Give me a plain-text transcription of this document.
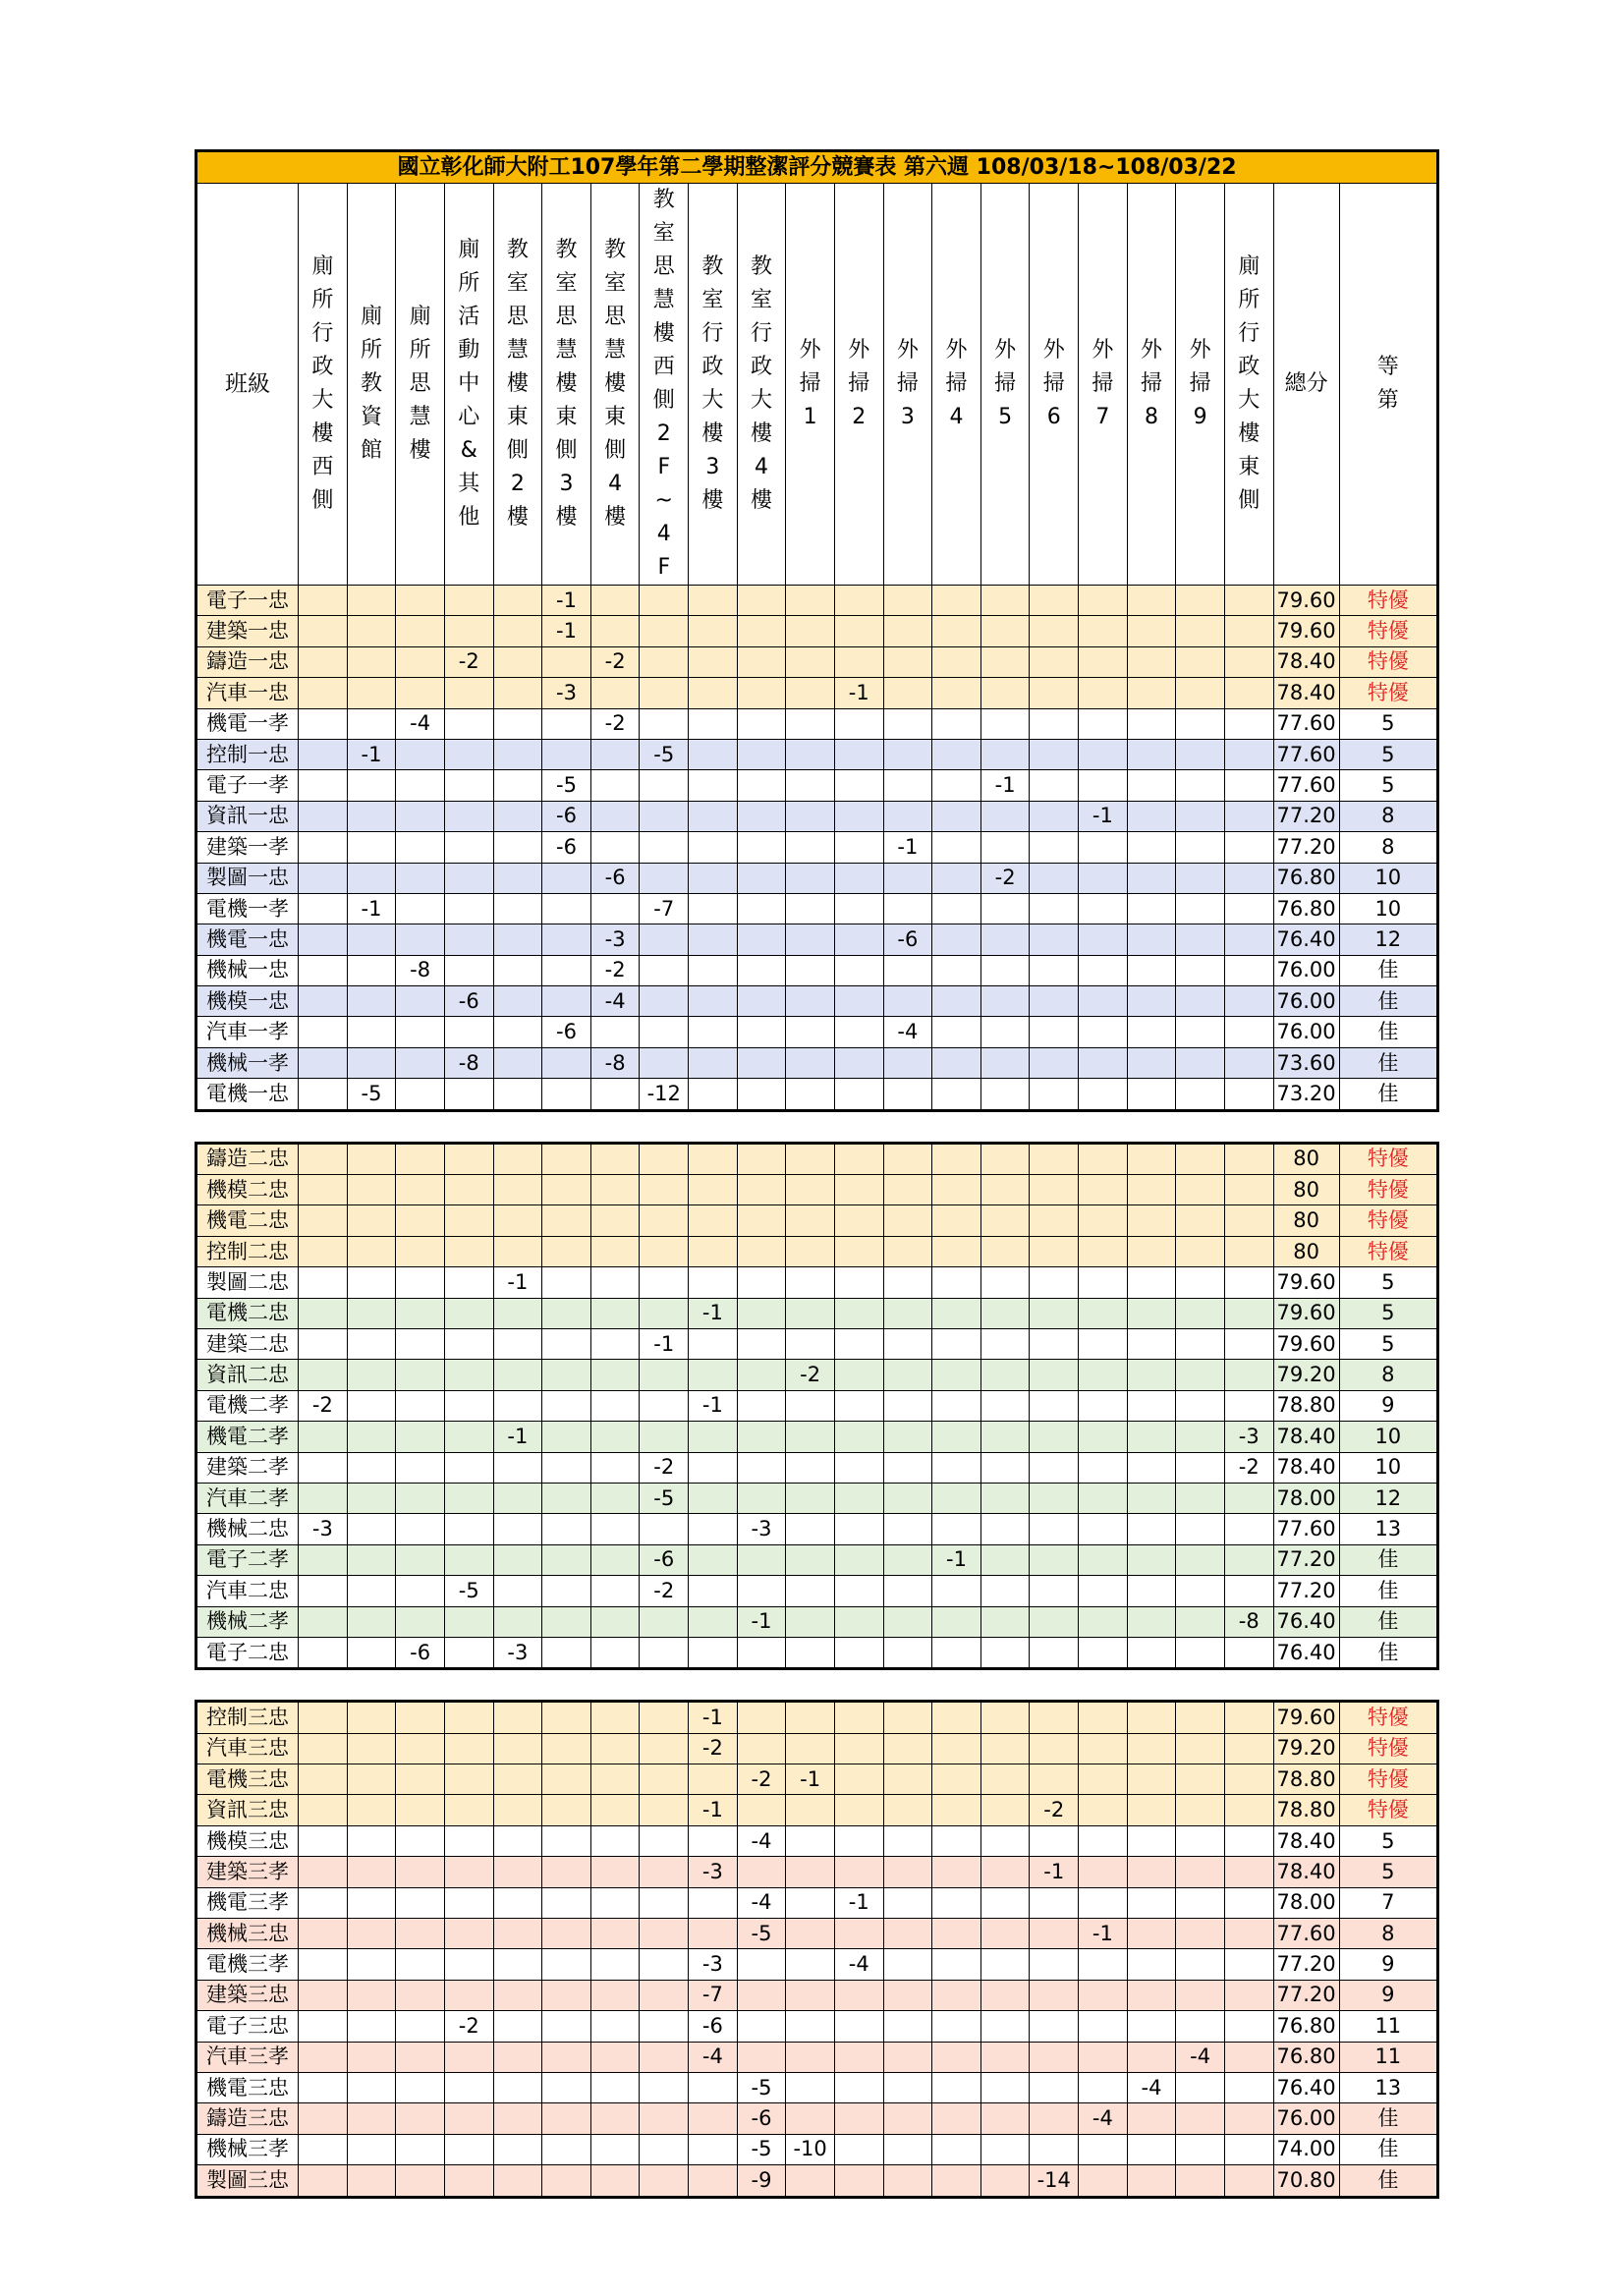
國立彰化師大附工107學年第二學期整潔評分競賽表 第六週 108/03/18~108/03/22																						
班級	廁所行政大樓西側	廁所教資館	廁所思慧樓	廁所活動中心&其他	教室思慧樓東側2樓	教室思慧樓東側3樓	教室思慧樓東側4樓	教室思慧樓西側2F~4F	教室行政大樓3樓	教室行政大樓4樓	外掃1	外掃2	外掃3	外掃4	外掃5	外掃6	外掃7	外掃8	外掃9	廁所行政大樓東側	總分	等第
電子一忠						-1															79.60	特優
建築一忠						-1															79.60	特優
鑄造一忠				-2			-2														78.40	特優
汽車一忠						-3						-1									78.40	特優
機電一孝			-4				-2														77.60	5
控制一忠		-1						-5													77.60	5
電子一孝						-5									-1						77.60	5
資訊一忠						-6											-1				77.20	8
建築一孝						-6							-1								77.20	8
製圖一忠							-6								-2						76.80	10
電機一孝		-1						-7													76.80	10
機電一忠							-3						-6								76.40	12
機械一忠			-8				-2														76.00	佳
機模一忠				-6			-4														76.00	佳
汽車一孝						-6							-4								76.00	佳
機械一孝				-8			-8														73.60	佳
電機一忠		-5						-12													73.20	佳
鑄造二忠																					80	特優
機模二忠																					80	特優
機電二忠																					80	特優
控制二忠																					80	特優
製圖二忠					-1																79.60	5
電機二忠									-1												79.60	5
建築二忠								-1													79.60	5
資訊二忠											-2										79.20	8
電機二孝	-2								-1												78.80	9
機電二孝					-1															-3	78.40	10
建築二孝								-2												-2	78.40	10
汽車二孝								-5													78.00	12
機械二忠	-3									-3											77.60	13
電子二孝								-6						-1							77.20	佳
汽車二忠				-5				-2													77.20	佳
機械二孝										-1										-8	76.40	佳
電子二忠			-6		-3																76.40	佳
控制三忠									-1												79.60	特優
汽車三忠									-2												79.20	特優
電機三忠										-2	-1										78.80	特優
資訊三忠									-1							-2					78.80	特優
機模三忠										-4											78.40	5
建築三孝									-3							-1					78.40	5
機電三孝										-4		-1									78.00	7
機械三忠										-5							-1				77.60	8
電機三孝									-3			-4									77.20	9
建築三忠									-7												77.20	9
電子三忠				-2					-6												76.80	11
汽車三孝									-4										-4		76.80	11
機電三忠										-5								-4			76.40	13
鑄造三忠										-6							-4				76.00	佳
機械三孝										-5	-10										74.00	佳
製圖三忠										-9						-14					70.80	佳
